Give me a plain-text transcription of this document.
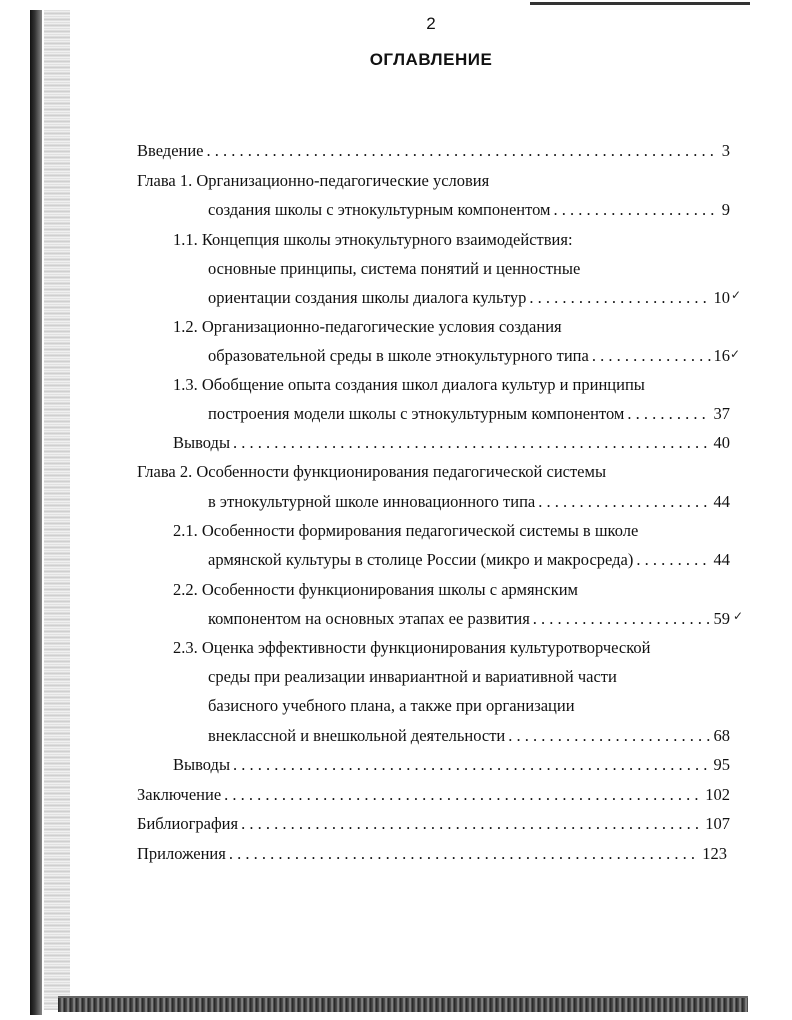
2
ОГЛАВЛЕНИЕ
Введение . . .	3
Глава 1. Организационно-педагогические условия
создания школы с этнокультурным компонентом . . .	9
1.1. Концепция школы этнокультурного взаимодействия:
основные принципы, система понятий и ценностные
ориентации создания школы диалога культур . . .	10
1.2. Организационно-педагогические условия создания
образовательной среды в школе этнокультурного типа . . .	16
1.3. Обобщение опыта создания школ диалога культур и принципы
построения модели школы с этнокультурным компонентом . . .	37
Выводы . . .	40
Глава 2. Особенности функционирования педагогической системы
в этнокультурной школе инновационного типа . . .	44
2.1. Особенности формирования педагогической системы в школе
армянской культуры в столице России (микро и макросреда) . . .	44
2.2. Особенности функционирования школы с армянским
компонентом на основных этапах ее развития . . .	59
2.3. Оценка эффективности функционирования культуротворческой
среды при реализации инвариантной и вариативной части
базисного учебного плана, а также при организации
внеклассной и внешкольной деятельности . . .	68
Выводы . . .	95
Заключение . . .	102
Библиография . . .	107
Приложения . . .	123
✓
✓
✓
